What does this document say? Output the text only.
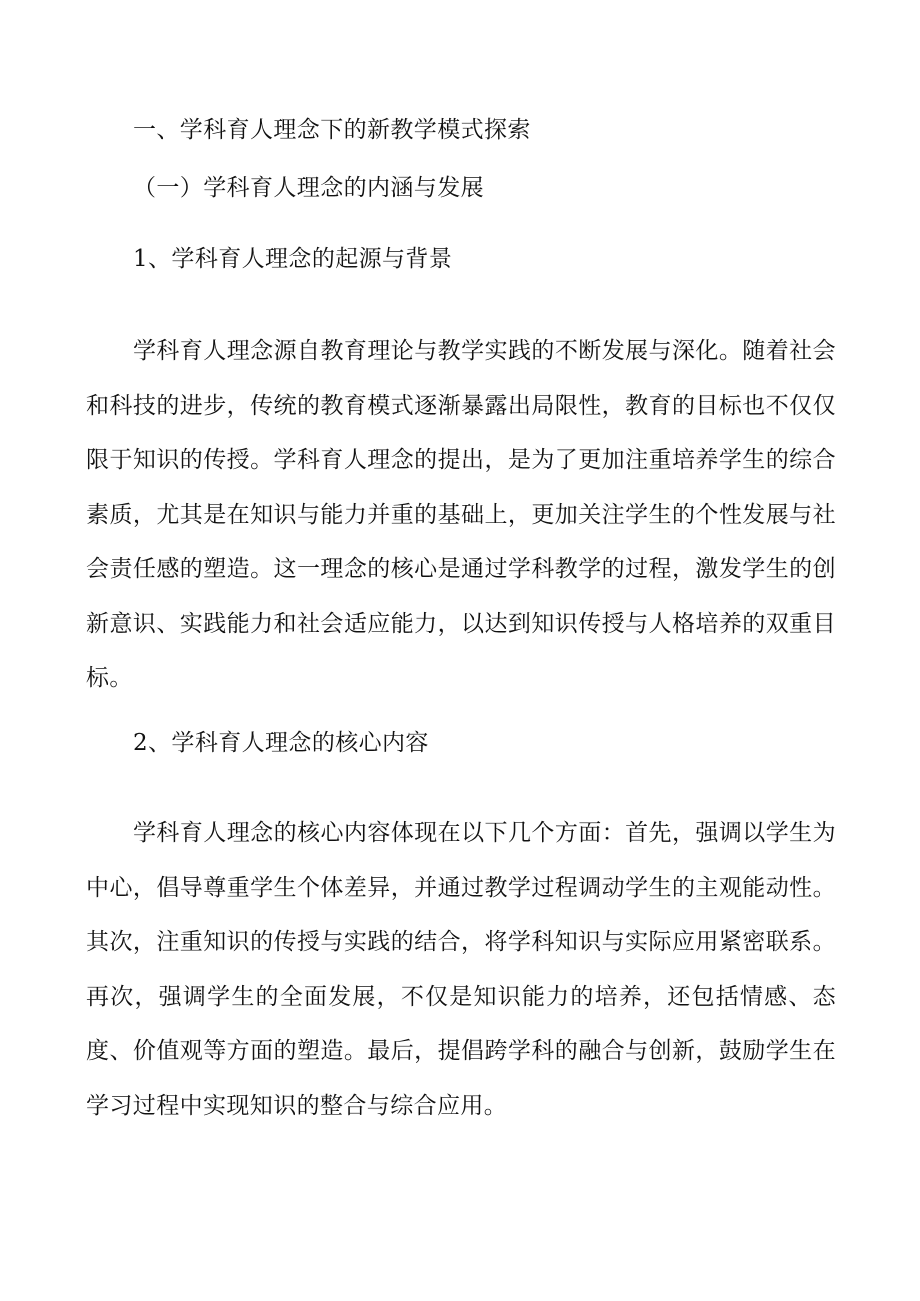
一、学科育人理念下的新教学模式探索
（一）学科育人理念的内涵与发展
1、学科育人理念的起源与背景
学科育人理念源自教育理论与教学实践的不断发展与深化。随着社会和科技的进步，传统的教育模式逐渐暴露出局限性，教育的目标也不仅仅限于知识的传授。学科育人理念的提出，是为了更加注重培养学生的综合素质，尤其是在知识与能力并重的基础上，更加关注学生的个性发展与社会责任感的塑造。这一理念的核心是通过学科教学的过程，激发学生的创新意识、实践能力和社会适应能力，以达到知识传授与人格培养的双重目标。
2、学科育人理念的核心内容
学科育人理念的核心内容体现在以下几个方面：首先，强调以学生为中心，倡导尊重学生个体差异，并通过教学过程调动学生的主观能动性。其次，注重知识的传授与实践的结合，将学科知识与实际应用紧密联系。再次，强调学生的全面发展，不仅是知识能力的培养，还包括情感、态度、价值观等方面的塑造。最后，提倡跨学科的融合与创新，鼓励学生在学习过程中实现知识的整合与综合应用。
